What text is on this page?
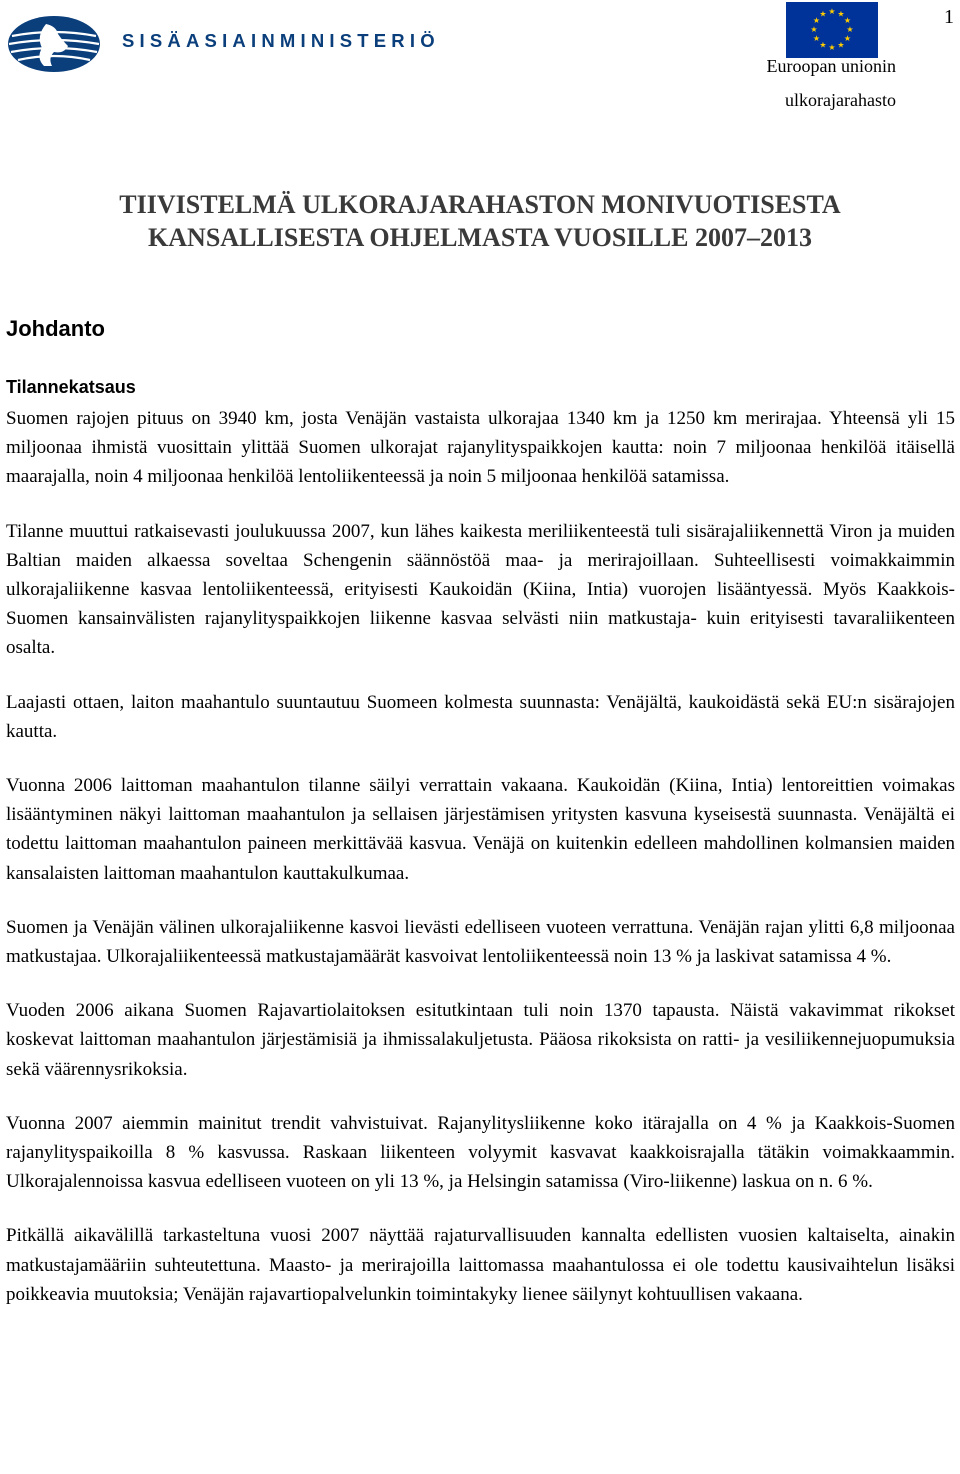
SISÄASIAINMINISTERIÖ
★ ★
★
★
★
★
★
★
★
★
★
★
Euroopan unionin
ulkorajarahasto
1
TIIVISTELMÄ ULKORAJARAHASTON MONIVUOTISESTA
KANSALLISESTA OHJELMASTA VUOSILLE 2007–2013
Johdanto
Tilannekatsaus

Suomen rajojen pituus on 3940 km, josta Venäjän vastaista ulkorajaa 1340 km ja 1250 km merirajaa. Yhteensä yli 15 miljoonaa ihmistä vuosittain ylittää Suomen ulkorajat rajanylityspaikkojen kautta: noin 7 miljoonaa henkilöä itäisellä maarajalla, noin 4 miljoonaa henkilöä lentoliikenteessä ja noin 5 miljoonaa henkilöä satamissa.

Tilanne muuttui ratkaisevasti joulukuussa 2007, kun lähes kaikesta meriliikenteestä tuli sisärajaliikennettä Viron ja muiden Baltian maiden alkaessa soveltaa Schengenin säännöstöä maa- ja merirajoillaan. Suhteellisesti voimakkaimmin ulkorajaliikenne kasvaa lentoliikenteessä, erityisesti Kaukoidän (Kiina, Intia) vuorojen lisääntyessä. Myös Kaakkois-Suomen kansainvälisten rajanylityspaikkojen liikenne kasvaa selvästi niin matkustaja- kuin erityisesti tavaraliikenteen osalta.

Laajasti ottaen, laiton maahantulo suuntautuu Suomeen kolmesta suunnasta: Venäjältä, kaukoidästä sekä EU:n sisärajojen kautta.

Vuonna 2006 laittoman maahantulon tilanne säilyi verrattain vakaana. Kaukoidän (Kiina, Intia) lentoreittien voimakas lisääntyminen näkyi laittoman maahantulon ja sellaisen järjestämisen yritysten kasvuna kyseisestä suunnasta. Venäjältä ei todettu laittoman maahantulon paineen merkittävää kasvua. Venäjä on kuitenkin edelleen mahdollinen kolmansien maiden kansalaisten laittoman maahantulon kauttakulkumaa.

Suomen ja Venäjän välinen ulkorajaliikenne kasvoi lievästi edelliseen vuoteen verrattuna. Venäjän rajan ylitti 6,8 miljoonaa matkustajaa. Ulkorajaliikenteessä matkustajamäärät kasvoivat lentoliikenteessä noin 13 % ja laskivat satamissa 4 %.

Vuoden 2006 aikana Suomen Rajavartiolaitoksen esitutkintaan tuli noin 1370 tapausta. Näistä vakavimmat rikokset koskevat laittoman maahantulon järjestämisiä ja ihmissalakuljetusta. Pääosa rikoksista on ratti- ja vesiliikennejuopumuksia sekä väärennysrikoksia.

Vuonna 2007 aiemmin mainitut trendit vahvistuivat. Rajanylitysliikenne koko itärajalla on 4 % ja Kaakkois-Suomen rajanylityspaikoilla 8 % kasvussa. Raskaan liikenteen volyymit kasvavat kaakkoisrajalla tätäkin voimakkaammin. Ulkorajalennoissa kasvua edelliseen vuoteen on yli 13 %, ja Helsingin satamissa (Viro-liikenne) laskua on n. 6 %.

Pitkällä aikavälillä tarkasteltuna vuosi 2007 näyttää rajaturvallisuuden kannalta edellisten vuosien kaltaiselta, ainakin matkustajamääriin suhteutettuna. Maasto- ja merirajoilla laittomassa maahantulossa ei ole todettu kausivaihtelun lisäksi poikkeavia muutoksia; Venäjän rajavartiopalvelunkin toimintakyky lienee säilynyt kohtuullisen vakaana.
